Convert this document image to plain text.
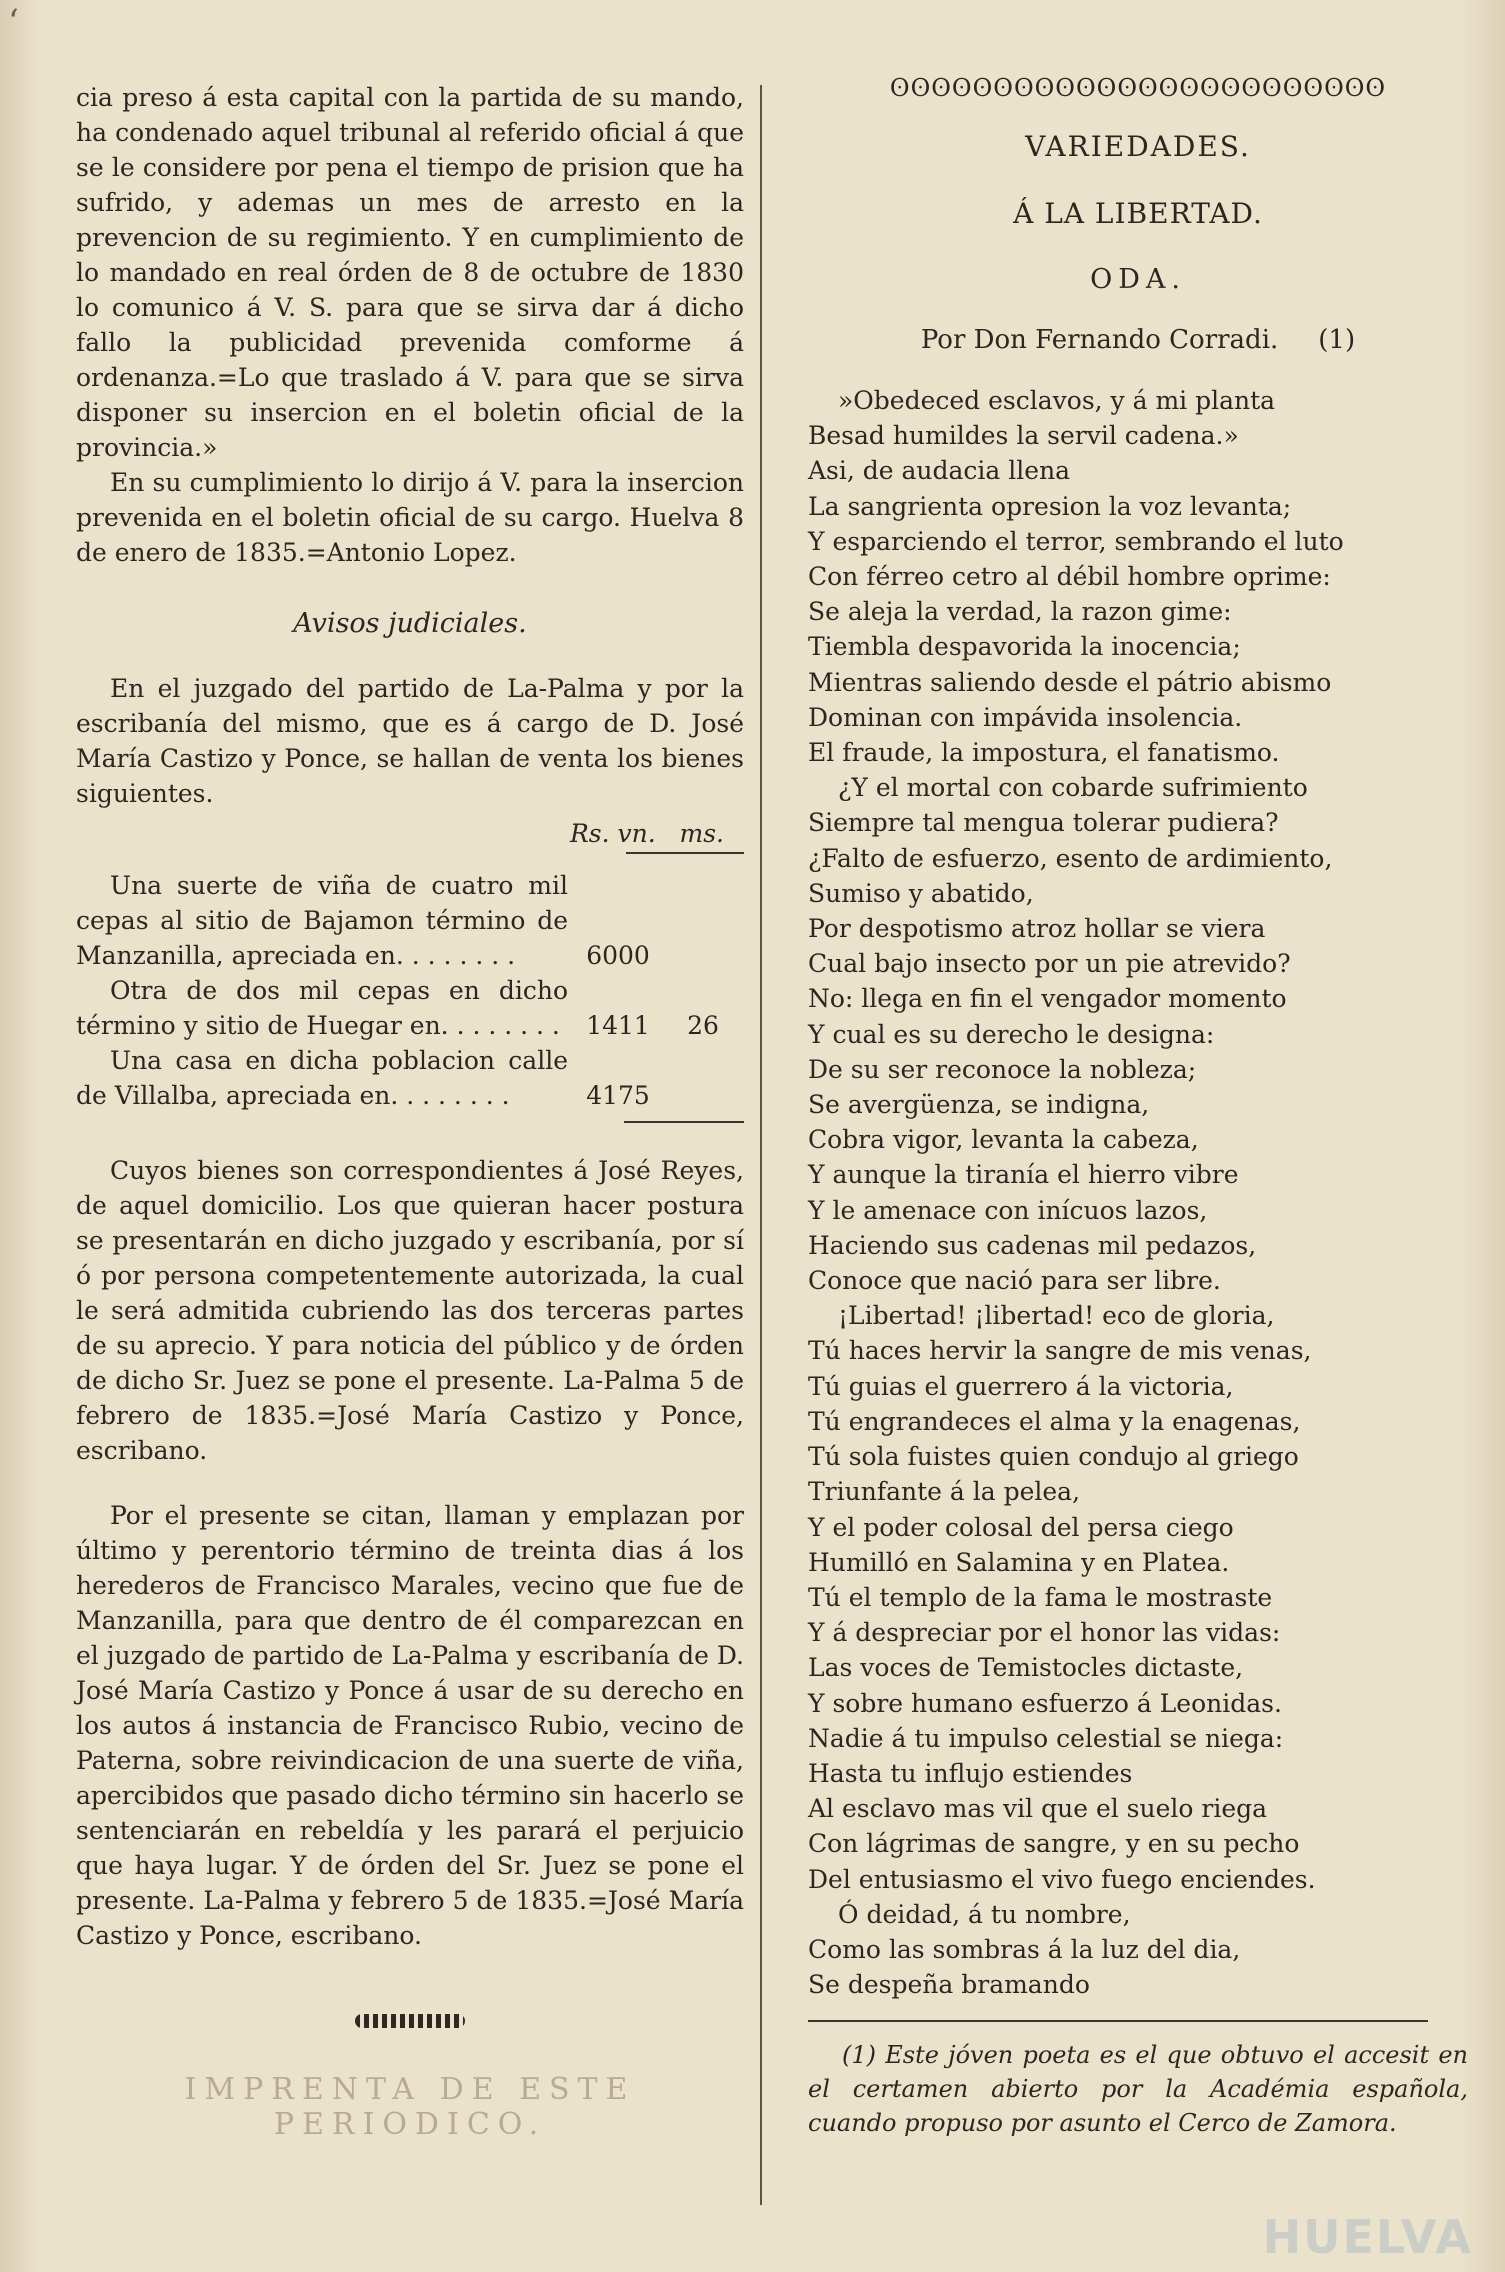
ʻ

cia preso á esta capital con la partida de su mando, ha condenado aquel tribunal al referido oficial á que se le considere por pena el tiempo de prision que ha sufrido, y ademas un mes de arresto en la prevencion de su regimiento. Y en cumplimiento de lo mandado en real órden de 8 de octubre de 1830 lo comunico á V. S. para que se sirva dar á dicho fallo la publicidad prevenida comforme á ordenanza.=Lo que traslado á V. para que se sirva disponer su insercion en el boletin oficial de la provincia.»

En su cumplimiento lo dirijo á V. para la insercion prevenida en el boletin oficial de su cargo. Huelva 8 de enero de 1835.=Antonio Lopez.

Avisos judiciales.

En el juzgado del partido de La-Palma y por la escribanía del mismo, que es á cargo de D. José María Castizo y Ponce, se hallan de venta los bienes siguientes.

Rs. vn.   ms.
Una suerte de viña de cuatro mil cepas al sitio de Bajamon término de Manzanilla, apreciada en. . . . . . . .	6000
Otra de dos mil cepas en dicho término y sitio de Huegar en. . . . . . . .	1411	26
Una casa en dicha poblacion calle de Villalba, apreciada en. . . . . . . .	4175

Cuyos bienes son correspondientes á José Reyes, de aquel domicilio. Los que quieran hacer postura se presentarán en dicho juzgado y escribanía, por sí ó por persona competentemente autorizada, la cual le será admitida cubriendo las dos terceras partes de su aprecio. Y para noticia del público y de órden de dicho Sr. Juez se pone el presente. La-Palma 5 de febrero de 1835.=José María Castizo y Ponce, escribano.

Por el presente se citan, llaman y emplazan por último y perentorio término de treinta dias á los herederos de Francisco Marales, vecino que fue de Manzanilla, para que dentro de él comparezcan en el juzgado de partido de La-Palma y escribanía de D. José María Castizo y Ponce á usar de su derecho en los autos á instancia de Francisco Rubio, vecino de Paterna, sobre reivindicacion de una suerte de viña, apercibidos que pasado dicho término sin hacerlo se sentenciarán en rebeldía y les parará el perjuicio que haya lugar. Y de órden del Sr. Juez se pone el presente. La-Palma y febrero 5 de 1835.=José María Castizo y Ponce, escribano.

IMPRENTA DE ESTE PERIODICO.
ʘʘʘʘʘʘʘʘʘʘʘʘʘʘʘʘʘʘʘʘʘʘʘʘ
VARIEDADES.
Á LA LIBERTAD.
ODA.
Por Don Fernando Corradi. (1)

»Obedeced esclavos, y á mi planta

Besad humildes la servil cadena.»

Asi, de audacia llena

La sangrienta opresion la voz levanta;

Y esparciendo el terror, sembrando el luto

Con férreo cetro al débil hombre oprime:

Se aleja la verdad, la razon gime:

Tiembla despavorida la inocencia;

Mientras saliendo desde el pátrio abismo

Dominan con impávida insolencia.

El fraude, la impostura, el fanatismo.

¿Y el mortal con cobarde sufrimiento

Siempre tal mengua tolerar pudiera?

¿Falto de esfuerzo, esento de ardimiento,

Sumiso y abatido,

Por despotismo atroz hollar se viera

Cual bajo insecto por un pie atrevido?

No: llega en fin el vengador momento

Y cual es su derecho le designa:

De su ser reconoce la nobleza;

Se avergüenza, se indigna,

Cobra vigor, levanta la cabeza,

Y aunque la tiranía el hierro vibre

Y le amenace con inícuos lazos,

Haciendo sus cadenas mil pedazos,

Conoce que nació para ser libre.

¡Libertad! ¡libertad! eco de gloria,

Tú haces hervir la sangre de mis venas,

Tú guias el guerrero á la victoria,

Tú engrandeces el alma y la enagenas,

Tú sola fuistes quien condujo al griego

Triunfante á la pelea,

Y el poder colosal del persa ciego

Humilló en Salamina y en Platea.

Tú el templo de la fama le mostraste

Y á despreciar por el honor las vidas:

Las voces de Temistocles dictaste,

Y sobre humano esfuerzo á Leonidas.

Nadie á tu impulso celestial se niega:

Hasta tu influjo estiendes

Al esclavo mas vil que el suelo riega

Con lágrimas de sangre, y en su pecho

Del entusiasmo el vivo fuego enciendes.

Ó deidad, á tu nombre,

Como las sombras á la luz del dia,

Se despeña bramando

(1) Este jóven poeta es el que obtuvo el accesit en el certamen abierto por la Académia española, cuando propuso por asunto el Cerco de Zamora.

HUELVA
